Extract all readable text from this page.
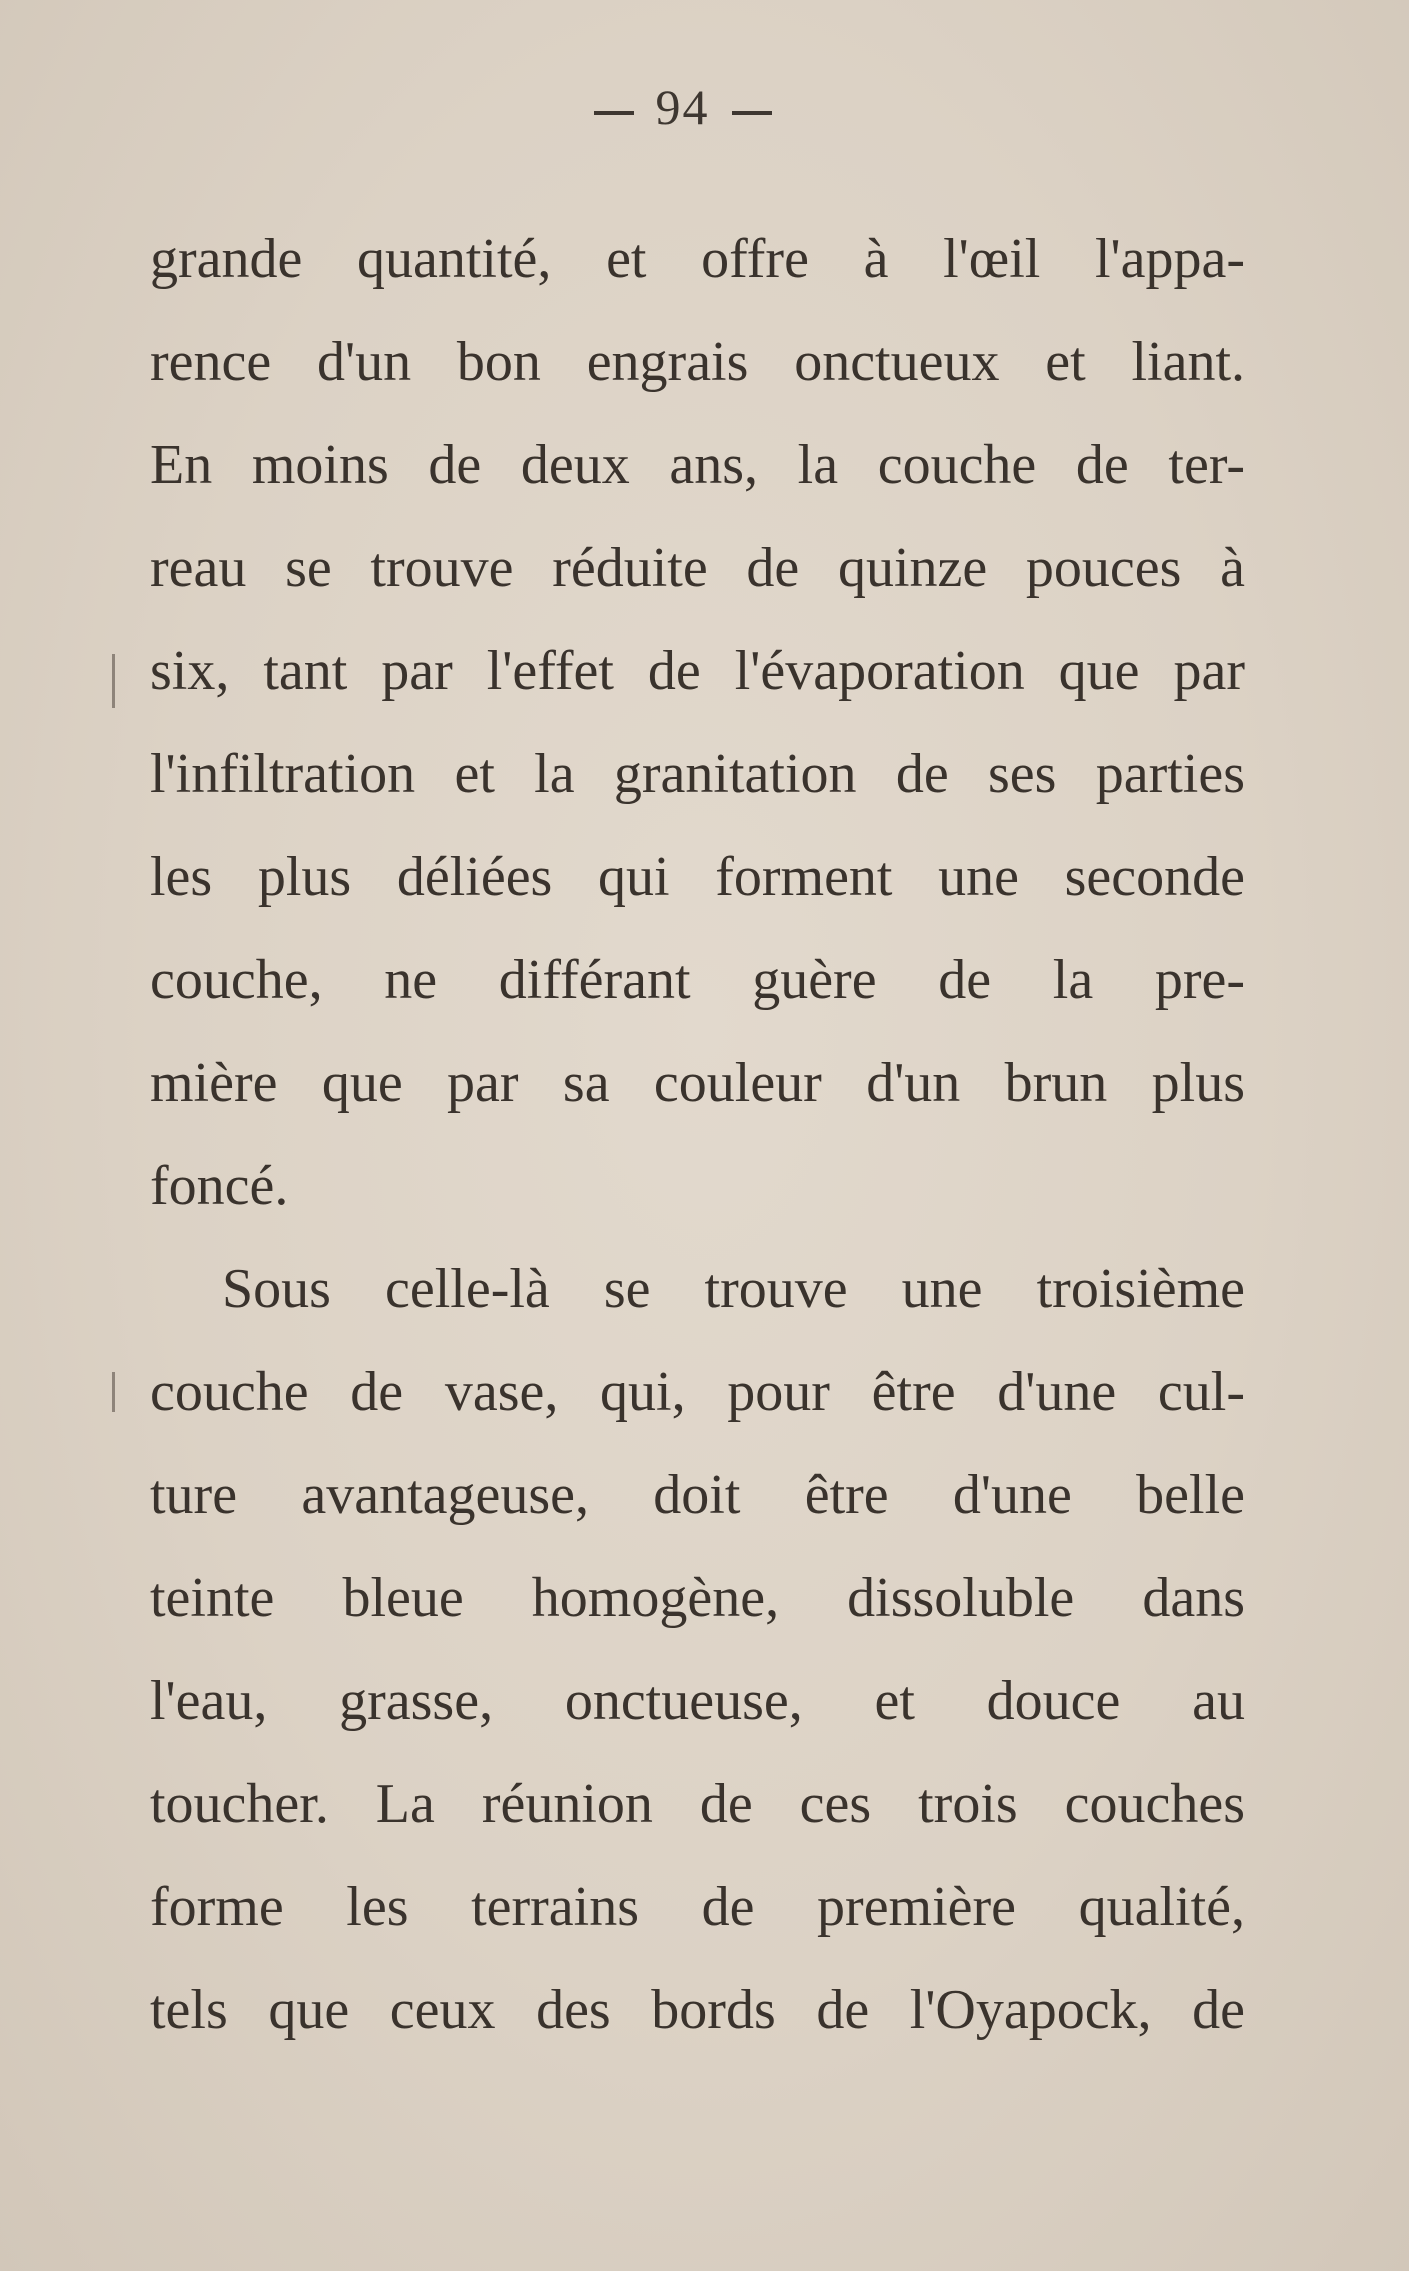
94
grande quantité, et offre à l'œil l'appa-
rence d'un bon engrais onctueux et liant.
En moins de deux ans, la couche de ter-
reau se trouve réduite de quinze pouces à
six, tant par l'effet de l'évaporation que par
l'infiltration et la granitation de ses parties
les plus déliées qui forment une seconde
couche, ne différant guère de la pre-
mière que par sa couleur d'un brun plus
foncé.
Sous celle-là se trouve une troisième
couche de vase, qui, pour être d'une cul-
ture avantageuse, doit être d'une belle
teinte bleue homogène, dissoluble dans
l'eau, grasse, onctueuse, et douce au
toucher. La réunion de ces trois couches
forme les terrains de première qualité,
tels que ceux des bords de l'Oyapock, de
